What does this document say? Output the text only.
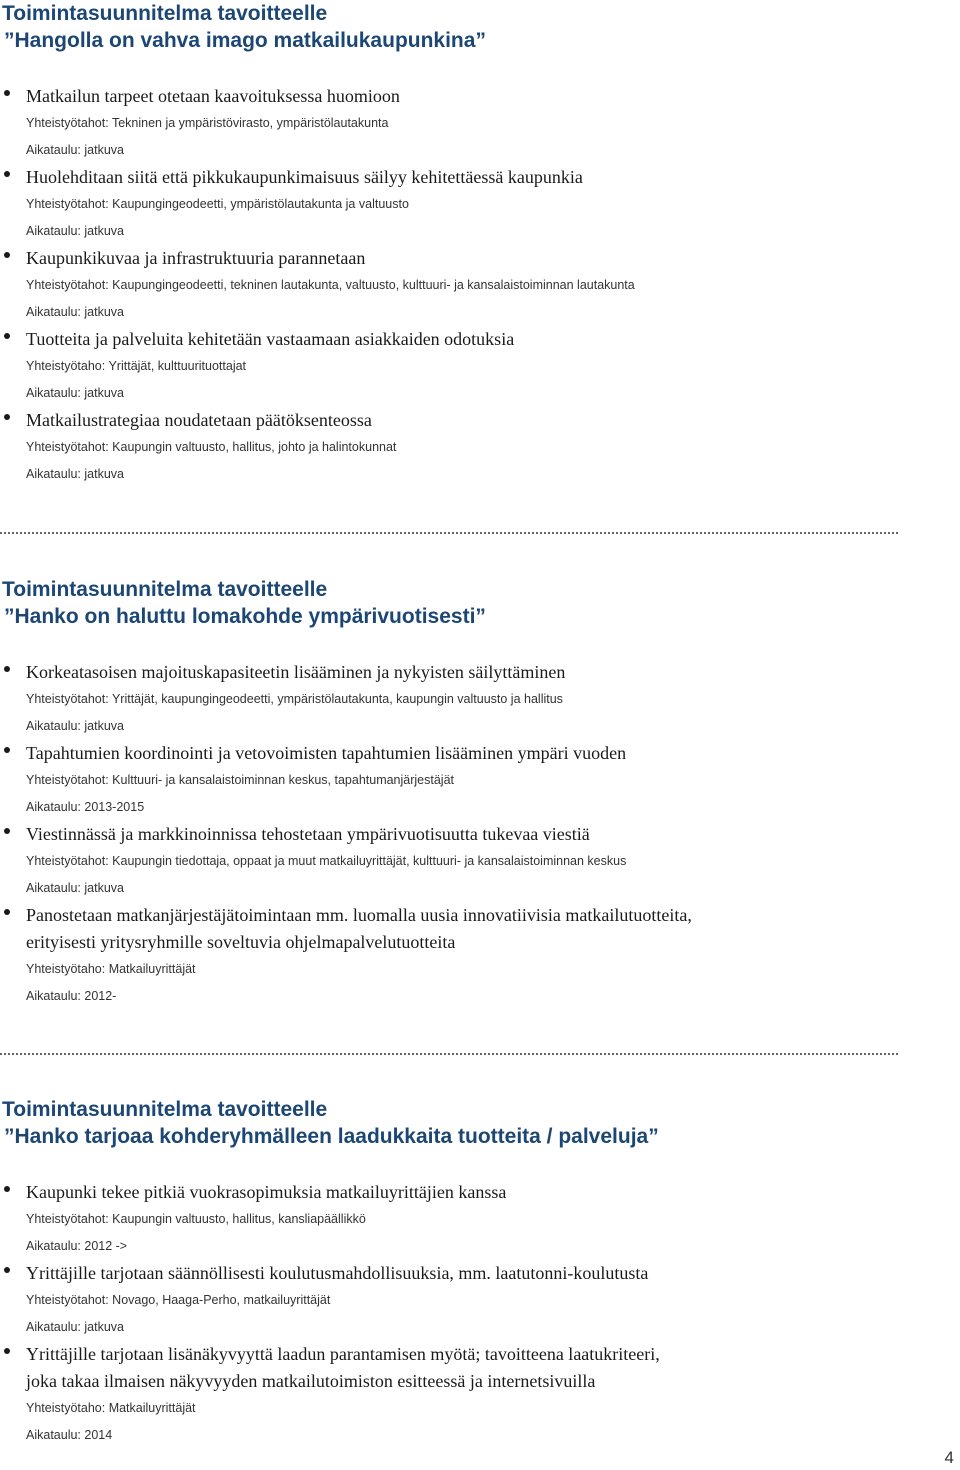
Toimintasuunnitelma tavoitteelle
”Hangolla on vahva imago matkailukaupunkina”
Matkailun tarpeet otetaan kaavoituksessa huomioon
Yhteistyötahot: Tekninen ja ympäristövirasto, ympäristölautakunta
Aikataulu: jatkuva
Huolehditaan siitä että pikkukaupunkimaisuus säilyy kehitettäessä kaupunkia
Yhteistyötahot: Kaupungingeodeetti, ympäristölautakunta ja valtuusto
Aikataulu: jatkuva
Kaupunkikuvaa ja infrastruktuuria parannetaan
Yhteistyötahot: Kaupungingeodeetti, tekninen lautakunta, valtuusto, kulttuuri- ja kansalaistoiminnan lautakunta
Aikataulu: jatkuva
Tuotteita ja palveluita kehitetään vastaamaan asiakkaiden odotuksia
Yhteistyötaho: Yrittäjät, kulttuurituottajat
Aikataulu: jatkuva
Matkailustrategiaa noudatetaan päätöksenteossa
Yhteistyötahot: Kaupungin valtuusto, hallitus, johto ja halintokunnat
Aikataulu: jatkuva
Toimintasuunnitelma tavoitteelle
”Hanko on haluttu lomakohde ympärivuotisesti”
Korkeatasoisen majoituskapasiteetin lisääminen ja nykyisten säilyttäminen
Yhteistyötahot: Yrittäjät, kaupungingeodeetti, ympäristölautakunta, kaupungin valtuusto ja hallitus
Aikataulu: jatkuva
Tapahtumien koordinointi ja vetovoimisten tapahtumien lisääminen ympäri vuoden
Yhteistyötahot: Kulttuuri- ja kansalaistoiminnan keskus, tapahtumanjärjestäjät
Aikataulu: 2013-2015
Viestinnässä ja markkinoinnissa tehostetaan ympärivuotisuutta tukevaa viestiä
Yhteistyötahot: Kaupungin tiedottaja, oppaat ja muut matkailuyrittäjät, kulttuuri- ja kansalaistoiminnan keskus
Aikataulu: jatkuva
Panostetaan matkanjärjestäjätoimintaan mm. luomalla uusia innovatiivisia matkailutuotteita,
erityisesti yritysryhmille soveltuvia ohjelmapalvelutuotteita
Yhteistyötaho: Matkailuyrittäjät
Aikataulu: 2012-
Toimintasuunnitelma tavoitteelle
”Hanko tarjoaa kohderyhmälleen laadukkaita tuotteita / palveluja”
Kaupunki tekee pitkiä vuokrasopimuksia matkailuyrittäjien kanssa
Yhteistyötahot: Kaupungin valtuusto, hallitus, kansliapäällikkö
Aikataulu: 2012 ->
Yrittäjille tarjotaan säännöllisesti koulutusmahdollisuuksia, mm. laatutonni-koulutusta
Yhteistyötahot: Novago, Haaga-Perho, matkailuyrittäjät
Aikataulu: jatkuva
Yrittäjille tarjotaan lisänäkyvyyttä laadun parantamisen myötä; tavoitteena laatukriteeri,
joka takaa ilmaisen näkyvyyden matkailutoimiston esitteessä ja internetsivuilla
Yhteistyötaho: Matkailuyrittäjät
Aikataulu: 2014
4
